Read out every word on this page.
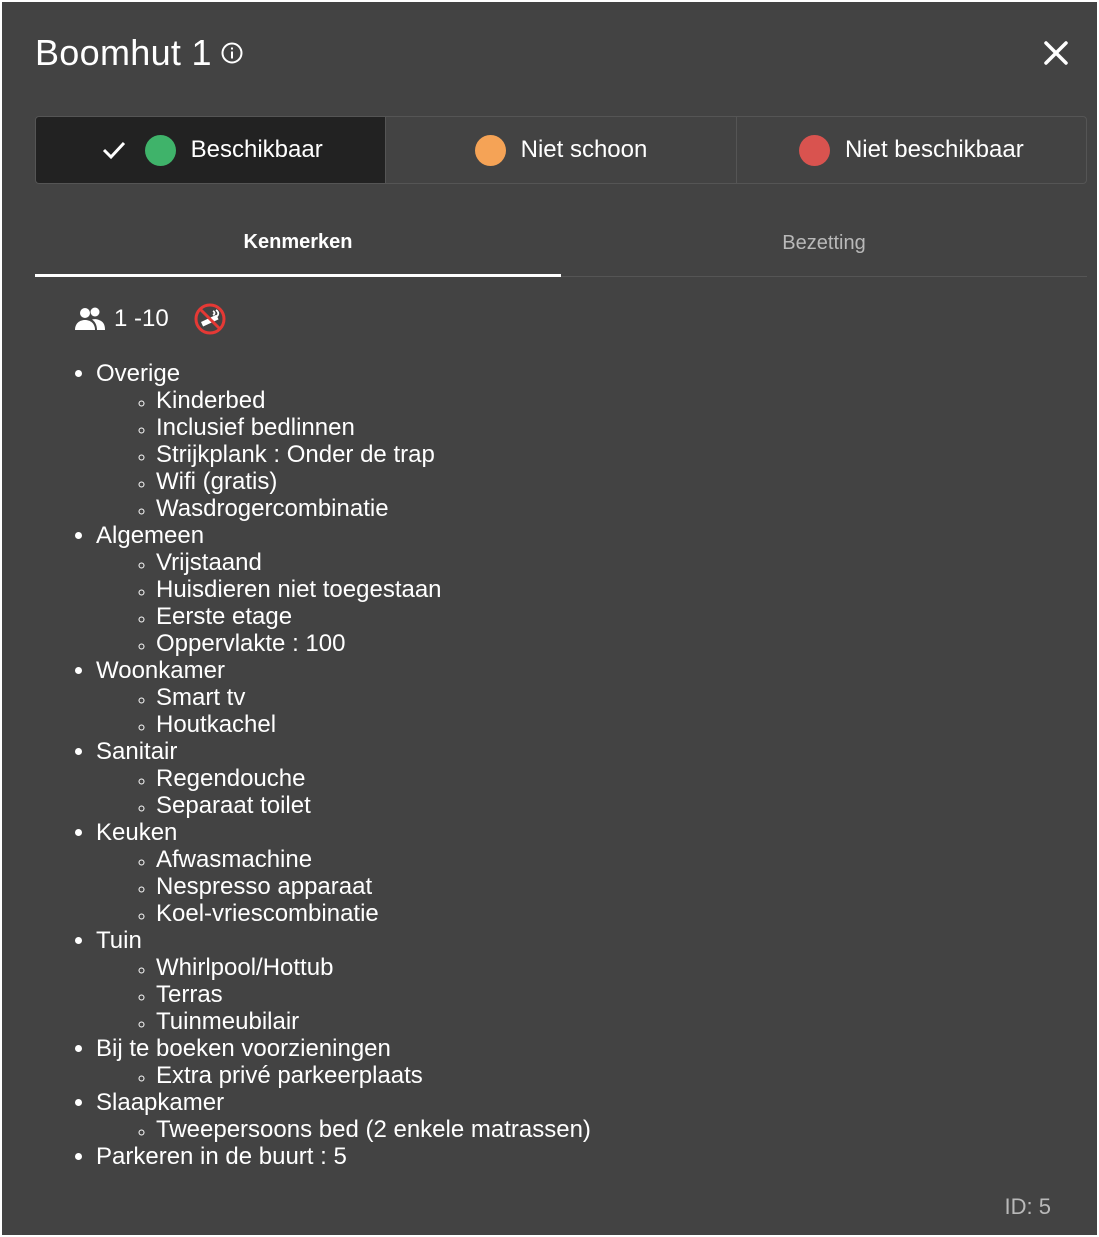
Boomhut 1
Beschikbaar	Niet schoon	Niet beschikbaar
Kenmerken	Bezetting
1 -10
• Overige
◦ Kinderbed
◦ Inclusief bedlinnen
◦ Strijkplank : Onder de trap
◦ Wifi (gratis)
◦ Wasdrogercombinatie
• Algemeen
◦ Vrijstaand
◦ Huisdieren niet toegestaan
◦ Eerste etage
◦ Oppervlakte : 100
• Woonkamer
◦ Smart tv
◦ Houtkachel
• Sanitair
◦ Regendouche
◦ Separaat toilet
• Keuken
◦ Afwasmachine
◦ Nespresso apparaat
◦ Koel-vriescombinatie
• Tuin
◦ Whirlpool/Hottub
◦ Terras
◦ Tuinmeubilair
• Bij te boeken voorzieningen
◦ Extra privé parkeerplaats
• Slaapkamer
◦ Tweepersoons bed (2 enkele matrassen)
• Parkeren in de buurt : 5
ID: 5
